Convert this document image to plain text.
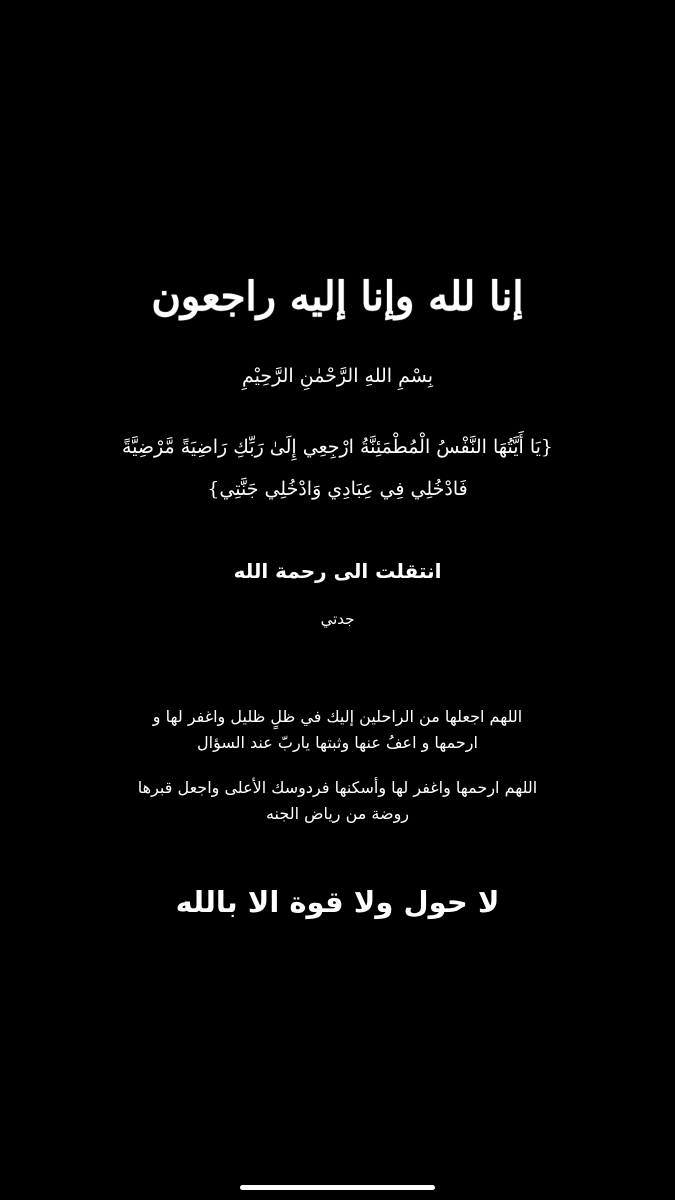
إنا لله وإنا إليه راجعون
بِسْمِ اللهِ الرَّحْمٰنِ الرَّحِيْمِ
{يَا أَيَّتُهَا النَّفْسُ الْمُطْمَئِنَّةُ ارْجِعِي إِلَىٰ رَبِّكِ رَاضِيَةً مَّرْضِيَّةً
فَادْخُلِي فِي عِبَادِي وَادْخُلِي جَنَّتِي}
انتقلت الى رحمة الله
جدتي
اللهم اجعلها من الراحلين إليك في ظلٍ ظليل واغفر لها و
ارحمها و اعفُ عنها وثبتها ياربّ عند السؤال
اللهم ارحمها واغفر لها وأسكنها فردوسك الأعلى واجعل قبرها
روضة من رياض الجنه
لا حول ولا قوة الا بالله
